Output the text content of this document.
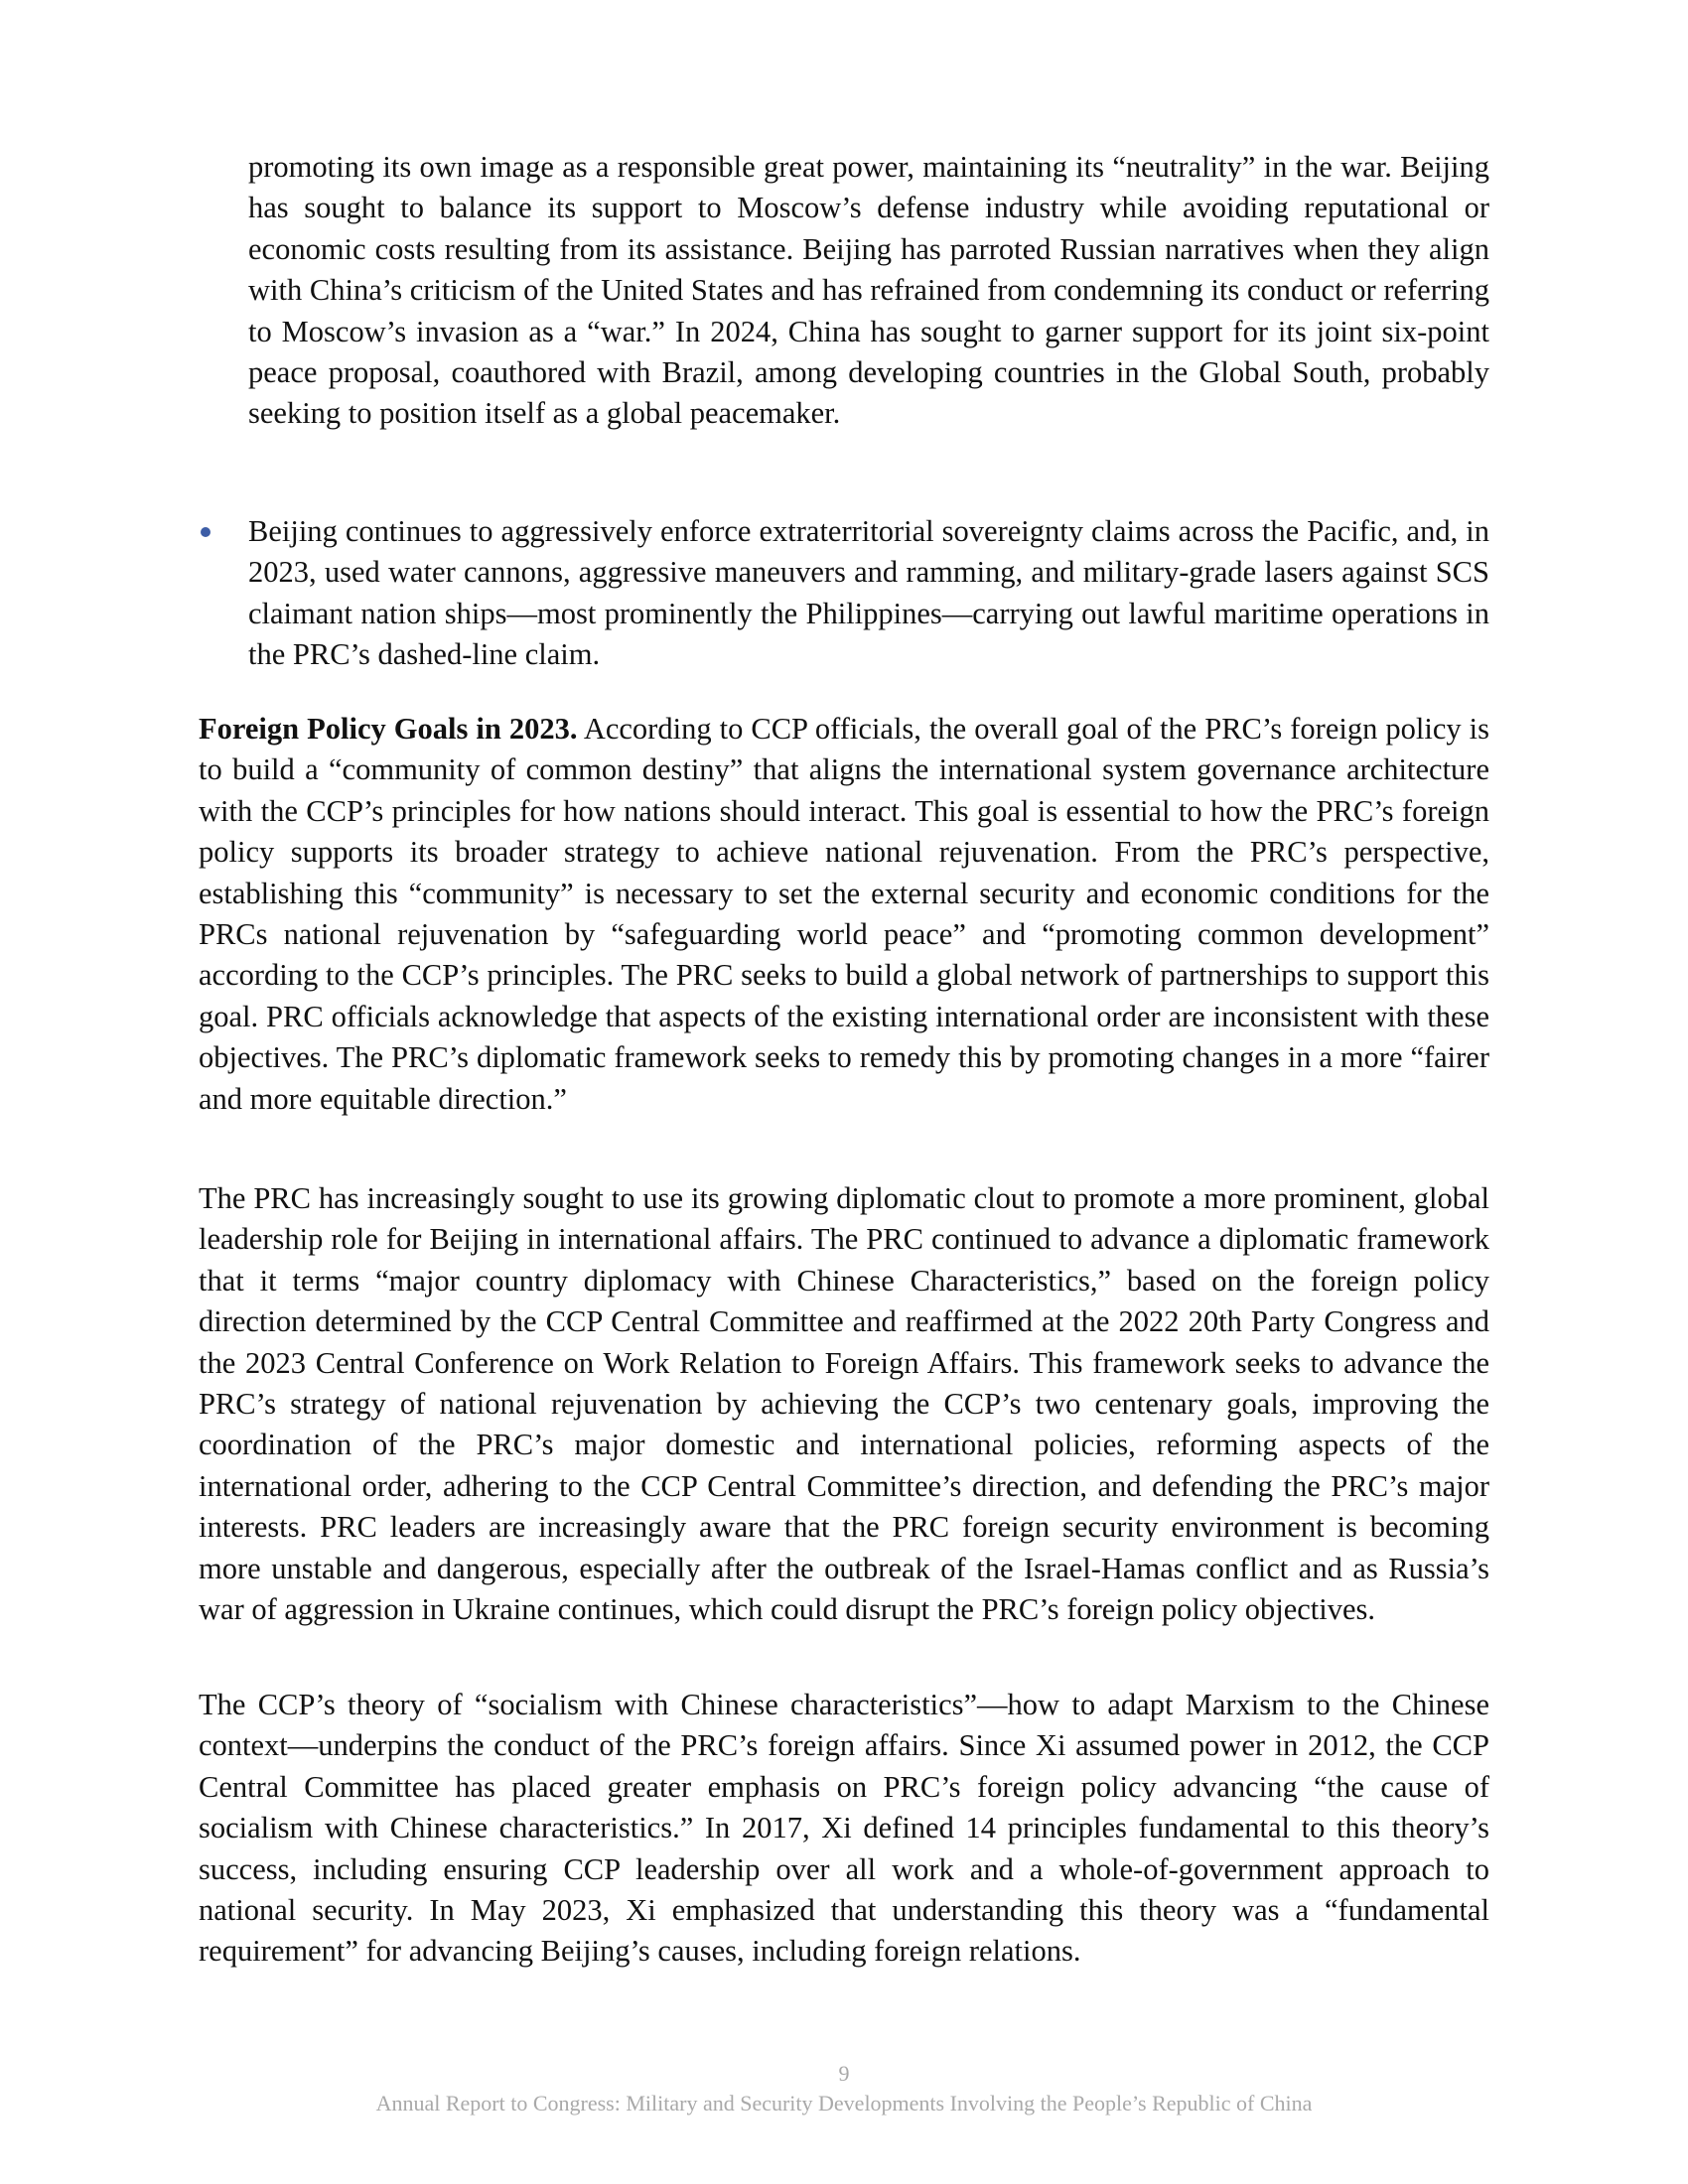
promoting its own image as a responsible great power, maintaining its “neutrality” in the war. Beijing has sought to balance its support to Moscow’s defense industry while avoiding reputational or economic costs resulting from its assistance. Beijing has parroted Russian narratives when they align with China’s criticism of the United States and has refrained from condemning its conduct or referring to Moscow’s invasion as a “war.” In 2024, China has sought to garner support for its joint six-point peace proposal, coauthored with Brazil, among developing countries in the Global South, probably seeking to position itself as a global peacemaker.

Beijing continues to aggressively enforce extraterritorial sovereignty claims across the Pacific, and, in 2023, used water cannons, aggressive maneuvers and ramming, and military-grade lasers against SCS claimant nation ships—most prominently the Philippines—carrying out lawful maritime operations in the PRC’s dashed-line claim.

Foreign Policy Goals in 2023. According to CCP officials, the overall goal of the PRC’s foreign policy is to build a “community of common destiny” that aligns the international system governance architecture with the CCP’s principles for how nations should interact. This goal is essential to how the PRC’s foreign policy supports its broader strategy to achieve national rejuvenation. From the PRC’s perspective, establishing this “community” is necessary to set the external security and economic conditions for the PRCs national rejuvenation by “safeguarding world peace” and “promoting common development” according to the CCP’s principles. The PRC seeks to build a global network of partnerships to support this goal. PRC officials acknowledge that aspects of the existing international order are inconsistent with these objectives. The PRC’s diplomatic framework seeks to remedy this by promoting changes in a more “fairer and more equitable direction.”

The PRC has increasingly sought to use its growing diplomatic clout to promote a more prominent, global leadership role for Beijing in international affairs. The PRC continued to advance a diplomatic framework that it terms “major country diplomacy with Chinese Characteristics,” based on the foreign policy direction determined by the CCP Central Committee and reaffirmed at the 2022 20th Party Congress and the 2023 Central Conference on Work Relation to Foreign Affairs. This framework seeks to advance the PRC’s strategy of national rejuvenation by achieving the CCP’s two centenary goals, improving the coordination of the PRC’s major domestic and international policies, reforming aspects of the international order, adhering to the CCP Central Committee’s direction, and defending the PRC’s major interests. PRC leaders are increasingly aware that the PRC foreign security environment is becoming more unstable and dangerous, especially after the outbreak of the Israel-Hamas conflict and as Russia’s war of aggression in Ukraine continues, which could disrupt the PRC’s foreign policy objectives.

The CCP’s theory of “socialism with Chinese characteristics”—how to adapt Marxism to the Chinese context—underpins the conduct of the PRC’s foreign affairs. Since Xi assumed power in 2012, the CCP Central Committee has placed greater emphasis on PRC’s foreign policy advancing “the cause of socialism with Chinese characteristics.” In 2017, Xi defined 14 principles fundamental to this theory’s success, including ensuring CCP leadership over all work and a whole-of-government approach to national security. In May 2023, Xi emphasized that understanding this theory was a “fundamental requirement” for advancing Beijing’s causes, including foreign relations.

9
Annual Report to Congress: Military and Security Developments Involving the People’s Republic of China
